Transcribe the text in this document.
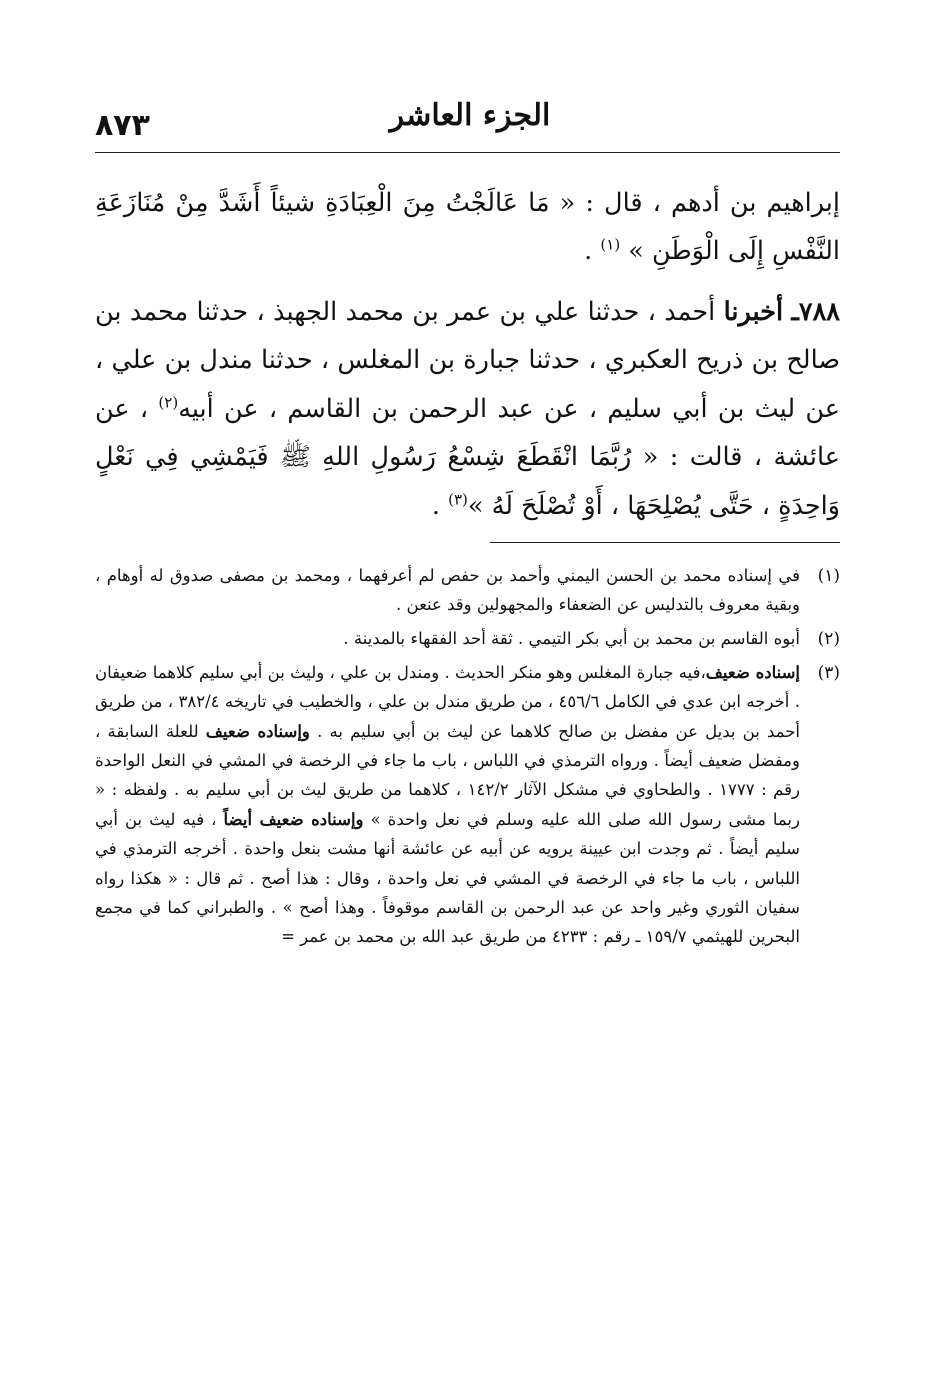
الجزء العاشر
٨٧٣

إبراهيم بن أدهم ، قال : « مَا عَالَجْتُ مِنَ الْعِبَادَةِ شيئاً أَشَدَّ مِنْ مُنَازَعَةِ النَّفْسِ إِلَى الْوَطَنِ » $^{(١)}$ .

٧٨٨ـ أخبرنا أحمد ، حدثنا علي بن عمر بن محمد الجهبذ ، حدثنا محمد بن صالح بن ذريح العكبري ، حدثنا جبارة بن المغلس ، حدثنا مندل بن علي ، عن ليث بن أبي سليم ، عن عبد الرحمن بن القاسم ، عن أبيه$^{(٢)}$ ، عن عائشة ، قالت : « رُبَّمَا انْقَطَعَ شِسْعُ رَسُولِ اللهِ ﷺ فَيَمْشِي فِي نَعْلٍ وَاحِدَةٍ ، حَتَّى يُصْلِحَهَا ، أَوْ تُصْلَحَ لَهُ »$^{(٣)}$ .

(١)
في إسناده محمد بن الحسن اليمني وأحمد بن حفص لم أعرفهما ، ومحمد بن مصفى صدوق له أوهام ، وبقية معروف بالتدليس عن الضعفاء والمجهولين وقد عنعن .
(٢)
أبوه القاسم بن محمد بن أبي بكر التيمي . ثقة أحد الفقهاء بالمدينة .
(٣)
إسناده ضعيف،فيه جبارة المغلس وهو منكر الحديث . ومندل بن علي ، وليث بن أبي سليم كلاهما ضعيفان . أخرجه ابن عدي في الكامل ٤٥٦/٦ ، من طريق مندل بن علي ، والخطيب في تاريخه ٣٨٢/٤ ، من طريق أحمد بن بديل عن مفضل بن صالح كلاهما عن ليث بن أبي سليم به . وإسناده ضعيف للعلة السابقة ، ومفضل ضعيف أيضاً . ورواه الترمذي في اللباس ، باب ما جاء في الرخصة في المشي في النعل الواحدة رقم : ١٧٧٧ . والطحاوي في مشكل الآثار ١٤٢/٢ ، كلاهما من طريق ليث بن أبي سليم به . ولفظه : « ربما مشى رسول الله صلى الله عليه وسلم في نعل واحدة » وإسناده ضعيف أيضاً ، فيه ليث بن أبي سليم أيضاً . ثم وجدت ابن عيينة يرويه عن أبيه عن عائشة أنها مشت بنعل واحدة . أخرجه الترمذي في اللباس ، باب ما جاء في الرخصة في المشي في نعل واحدة ، وقال : هذا أصح . ثم قال : « هكذا رواه سفيان الثوري وغير واحد عن عبد الرحمن بن القاسم موقوفاً . وهذا أصح » . والطبراني كما في مجمع البحرين للهيثمي ١٥٩/٧ ـ رقم : ٤٢٣٣ من طريق عبد الله بن محمد بن عمر =
